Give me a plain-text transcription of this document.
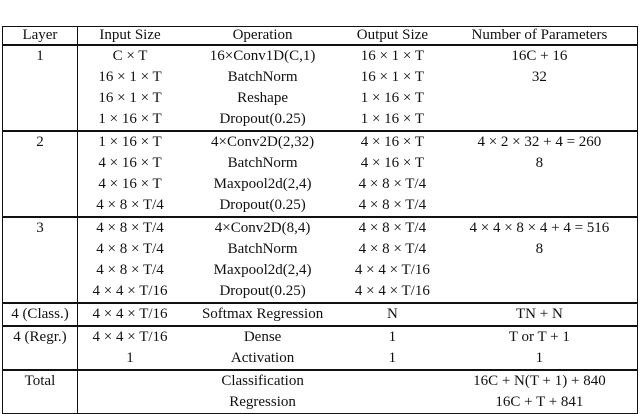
Layer	Input Size	Operation	Output Size	Number of Parameters
1	C × T	16×Conv1D(C,1)	16 × 1 × T	16C + 16
	16 × 1 × T	BatchNorm	16 × 1 × T	32
	16 × 1 × T	Reshape	1 × 16 × T	
	1 × 16 × T	Dropout(0.25)	1 × 16 × T	
2	1 × 16 × T	4×Conv2D(2,32)	4 × 16 × T	4 × 2 × 32 + 4 = 260
	4 × 16 × T	BatchNorm	4 × 16 × T	8
	4 × 16 × T	Maxpool2d(2,4)	4 × 8 × T/4	
	4 × 8 × T/4	Dropout(0.25)	4 × 8 × T/4	
3	4 × 8 × T/4	4×Conv2D(8,4)	4 × 8 × T/4	4 × 4 × 8 × 4 + 4 = 516
	4 × 8 × T/4	BatchNorm	4 × 8 × T/4	8
	4 × 8 × T/4	Maxpool2d(2,4)	4 × 4 × T/16	
	4 × 4 × T/16	Dropout(0.25)	4 × 4 × T/16	
4 (Class.)	4 × 4 × T/16	Softmax Regression	N	TN + N
4 (Regr.)	4 × 4 × T/16	Dense	1	T or T + 1
	1	Activation	1	1
Total		Classification		16C + N(T + 1) + 840
		Regression		16C + T + 841
